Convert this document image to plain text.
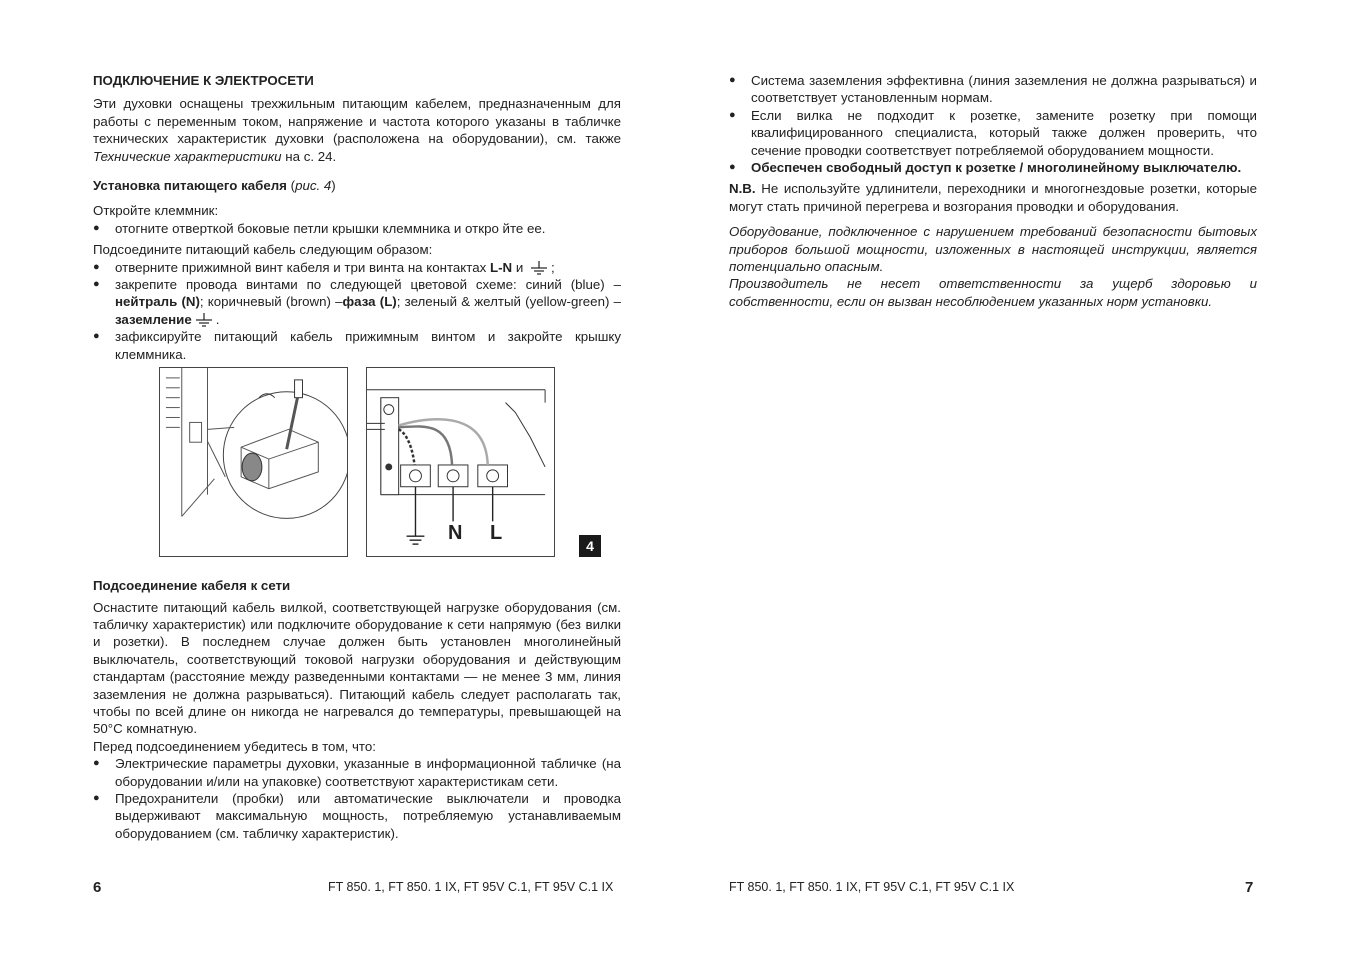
ПОДКЛЮЧЕНИЕ К ЭЛЕКТРОСЕТИ

Эти духовки оснащены трехжильным питающим кабелем, предназначенным для работы с переменным током, напряжение и частота которого указаны в табличке технических характеристик духовки (расположена на оборудовании), см. также Технические характеристики на с. 24.

Установка питающего кабеля (рис. 4)

Откройте клеммник:

● отогните отверткой боковые петли крышки клеммника и откро йте ее.

Подсоедините питающий кабель следующим образом:

● отверните прижимной винт кабеля и три винта на контактах L-N и ;
● закрепите провода винтами по следующей цветовой схеме: синий (blue) – нейтраль (N); коричневый (brown) –фаза (L); зеленый & желтый (yellow-green) – заземление .
● зафиксируйте питающий кабель прижимным винтом и закройте крышку клеммника.
N L
4

Подсоединение кабеля к сети

Оснастите питающий кабель вилкой, соответствующей нагрузке оборудования (см. табличку характеристик) или подключите оборудование к сети напрямую (без вилки и розетки). В последнем случае должен быть установлен многолинейный выключатель, соответствующий токовой нагрузки оборудования и действующим стандартам (расстояние между разведенными контактами — не менее 3 мм, линия заземления не должна разрываться). Питающий кабель следует располагать так, чтобы по всей длине он никогда не нагревался до температуры, превышающей на 50°C комнатную.

Перед подсоединением убедитесь в том, что:

● Электрические параметры духовки, указанные в информационной табличке (на оборудовании и/или на упаковке) соответствуют характеристикам сети.
● Предохранители (пробки) или автоматические выключатели и проводка выдерживают максимальную мощность, потребляемую устанавливаемым оборудованием (см. табличку характеристик).
● Система заземления эффективна (линия заземления не должна разрываться) и соответствует установленным нормам.
● Если вилка не подходит к розетке, замените розетку при помощи квалифицированного специалиста, который также должен проверить, что сечение проводки соответствует потребляемой оборудованием мощности.
● Обеспечен свободный доступ к розетке / многолинейному выключателю.

N.B. Не используйте удлинители, переходники и многогнездовые розетки, которые могут стать причиной перегрева и возгорания проводки и оборудования.

Оборудование, подключенное с нарушением требований безопасности бытовых приборов большой мощности, изложенных в настоящей инструкции, является потенциально опасным.

Производитель не несет ответственности за ущерб здоровью и собственности, если он вызван несоблюдением указанных норм установки.

6	FT 850. 1, FT 850. 1 IX, FT 95V C.1, FT 95V C.1 IX	FT 850. 1, FT 850. 1 IX, FT 95V C.1, FT 95V C.1 IX	7
